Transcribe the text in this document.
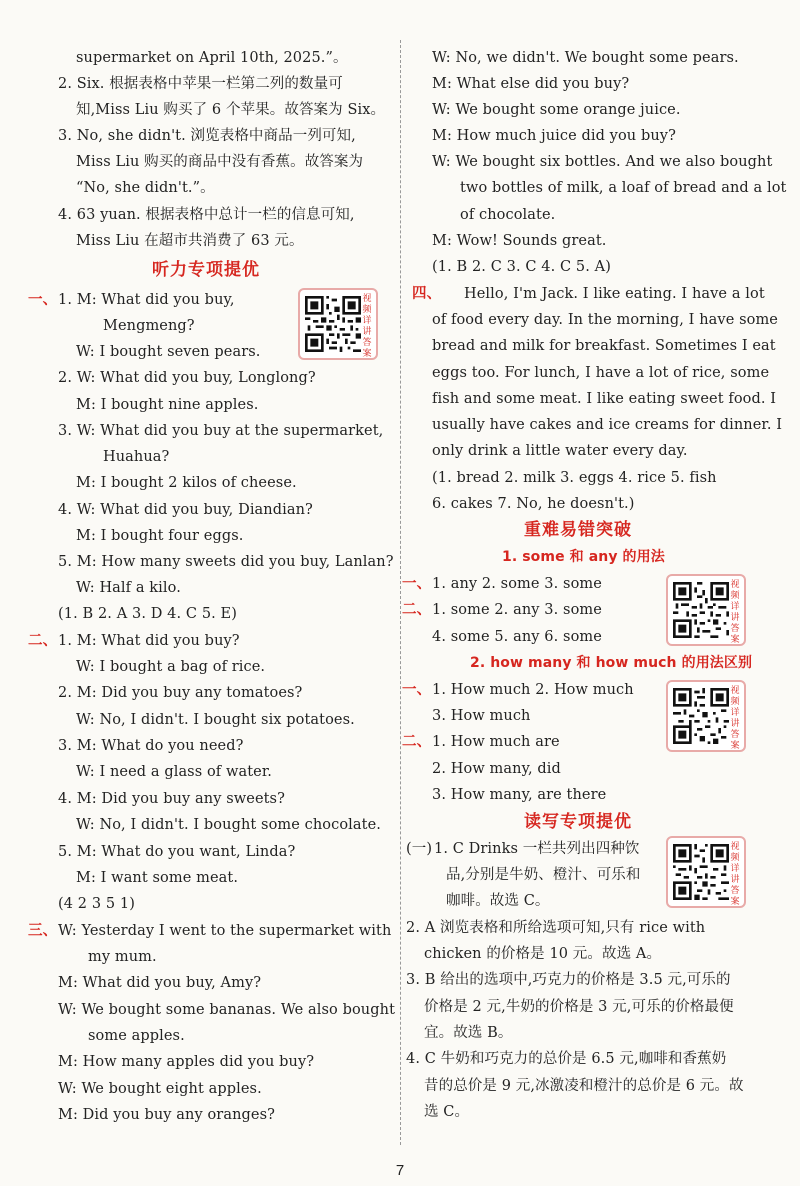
supermarket on April 10th, 2025.”。
2. Six. 根据表格中苹果一栏第二列的数量可
知,Miss Liu 购买了 6 个苹果。故答案为 Six。
3. No, she didn't. 浏览表格中商品一列可知,
Miss Liu 购买的商品中没有香蕉。故答案为
“No, she didn't.”。
4. 63 yuan. 根据表格中总计一栏的信息可知,
Miss Liu 在超市共消费了 63 元。
听力专项提优
一、 1. M: What did you buy,
Mengmeng?
W: I bought seven pears.
2. W: What did you buy, Longlong?
M: I bought nine apples.
3. W: What did you buy at the supermarket,
Huahua?
M: I bought 2 kilos of cheese.
4. W: What did you buy, Diandian?
M: I bought four eggs.
5. M: How many sweets did you buy, Lanlan?
W: Half a kilo.
(1. B 2. A 3. D 4. C 5. E)
视频详讲答案
二、 1. M: What did you buy?
W: I bought a bag of rice.
2. M: Did you buy any tomatoes?
W: No, I didn't. I bought six potatoes.
3. M: What do you need?
W: I need a glass of water.
4. M: Did you buy any sweets?
W: No, I didn't. I bought some chocolate.
5. M: What do you want, Linda?
M: I want some meat.
(4 2 3 5 1)
三、 W: Yesterday I went to the supermarket with
my mum.
M: What did you buy, Amy?
W: We bought some bananas. We also bought
some apples.
M: How many apples did you buy?
W: We bought eight apples.
M: Did you buy any oranges?
W: No, we didn't. We bought some pears.
M: What else did you buy?
W: We bought some orange juice.
M: How much juice did you buy?
W: We bought six bottles. And we also bought
two bottles of milk, a loaf of bread and a lot
of chocolate.
M: Wow! Sounds great.
(1. B 2. C 3. C 4. C 5. A)
四、 Hello, I'm Jack. I like eating. I have a lot
of food every day. In the morning, I have some
bread and milk for breakfast. Sometimes I eat
eggs too. For lunch, I have a lot of rice, some
fish and some meat. I like eating sweet food. I
usually have cakes and ice creams for dinner. I
only drink a little water every day.
(1. bread 2. milk 3. eggs 4. rice 5. fish
6. cakes 7. No, he doesn't.)
重难易错突破
1. some 和 any 的用法
一、 1. any 2. some 3. some
二、 1. some 2. any 3. some
4. some 5. any 6. some
视频详讲答案
2. how many 和 how much 的用法区别
一、 1. How much 2. How much
3. How much
二、 1. How much are
2. How many, did
3. How many, are there
视频详讲答案
读写专项提优
(一) 1. C Drinks 一栏共列出四种饮
品,分别是牛奶、橙汁、可乐和
咖啡。故选 C。
2. A 浏览表格和所给选项可知,只有 rice with
chicken 的价格是 10 元。故选 A。
3. B 给出的选项中,巧克力的价格是 3.5 元,可乐的
价格是 2 元,牛奶的价格是 3 元,可乐的价格最便
宜。故选 B。
4. C 牛奶和巧克力的总价是 6.5 元,咖啡和香蕉奶
昔的总价是 9 元,冰激凌和橙汁的总价是 6 元。故
选 C。
视频详讲答案
7
